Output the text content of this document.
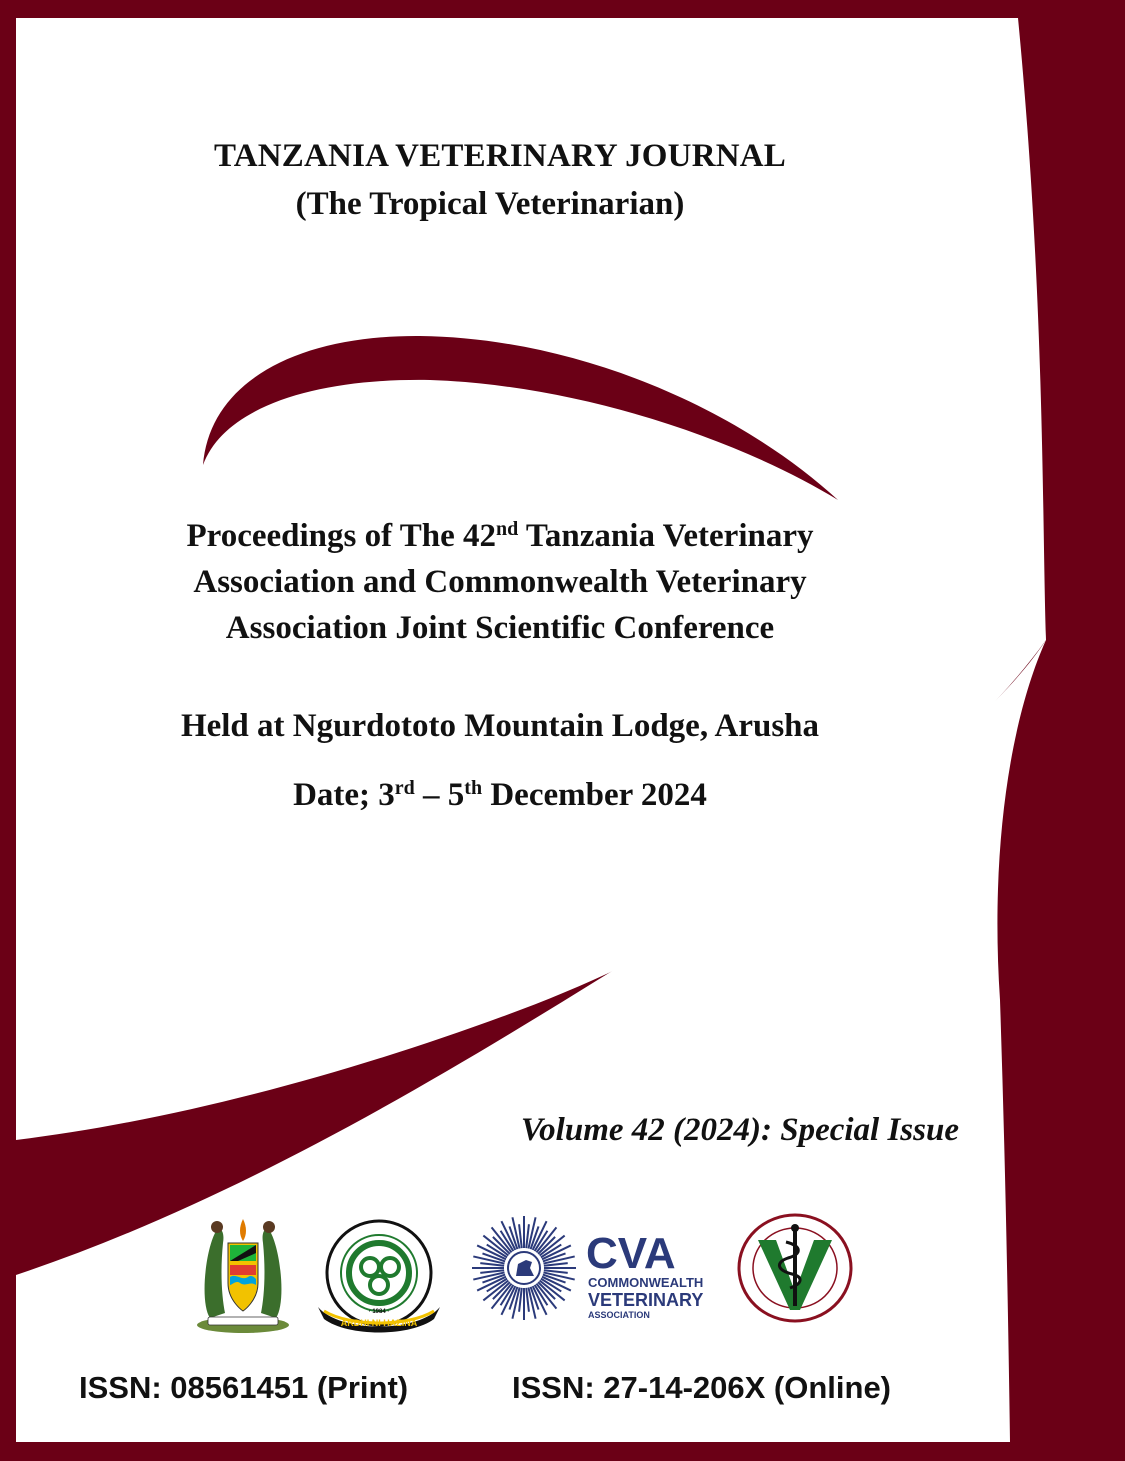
TANZANIA VETERINARY JOURNAL
(The Tropical Veterinarian)
Proceedings of The 42nd Tanzania Veterinary
Association and Commonwealth Veterinary
Association Joint Scientific Conference
Held at Ngurdototo Mountain Lodge, Arusha
Date; 3rd – 5th December 2024
Volume 42 (2024): Special Issue
ARDHI NI HAZINA
· 1984 ·
CVA
COMMONWEALTH
VETERINARY
ASSOCIATION
ISSN: 08561451 (Print)	ISSN: 27-14-206X (Online)
